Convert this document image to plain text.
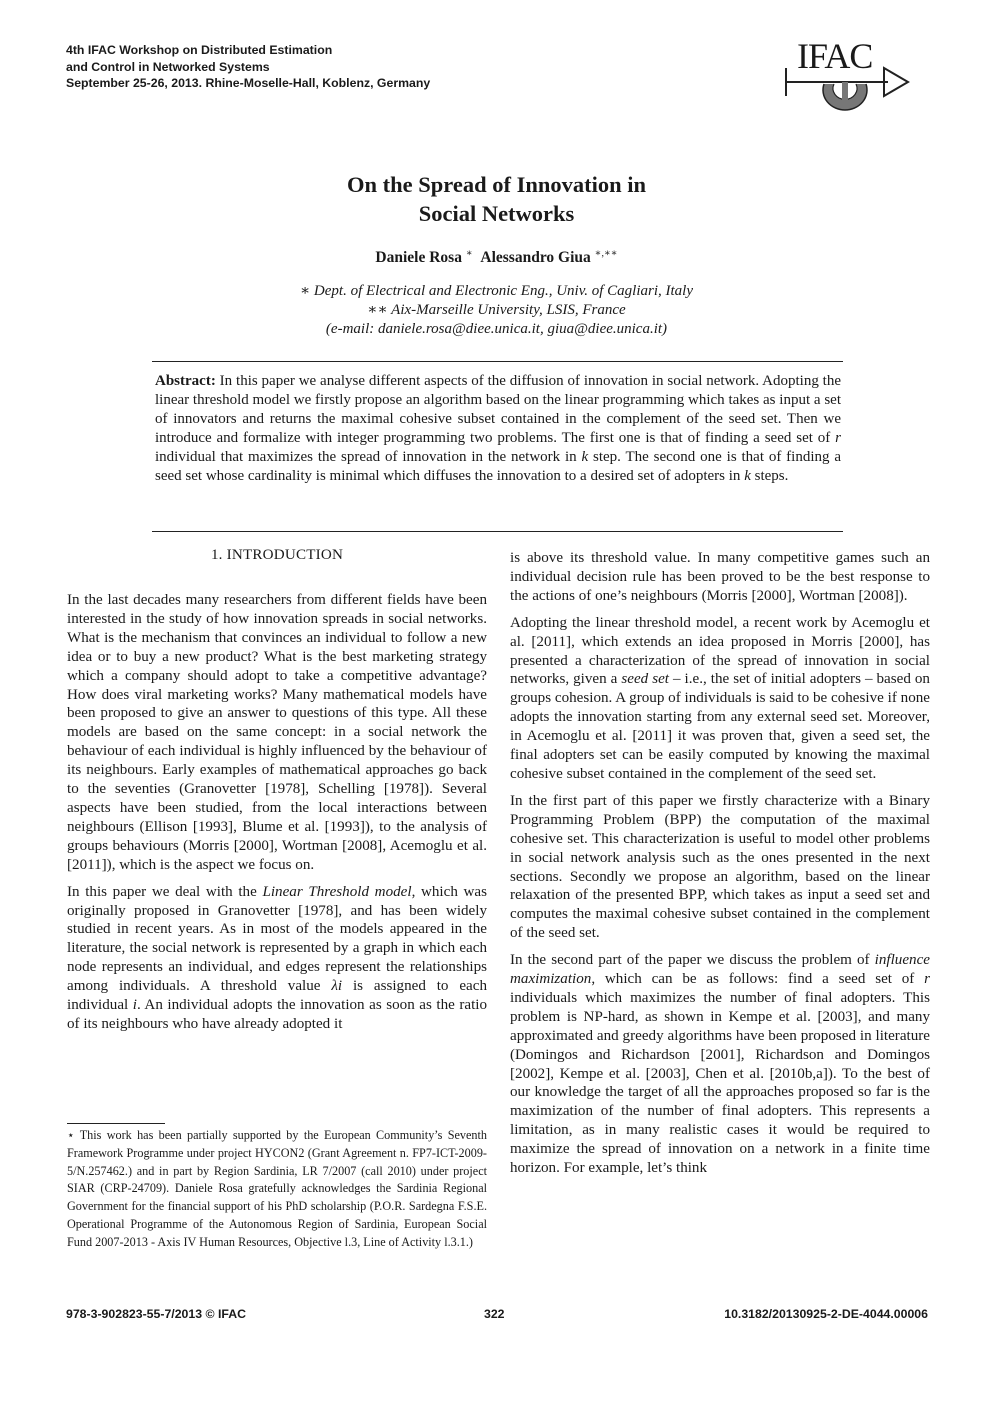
4th IFAC Workshop on Distributed Estimation
and Control in Networked Systems
September 25-26, 2013. Rhine-Moselle-Hall, Koblenz, Germany
IFAC
On the Spread of Innovation in
Social Networks
Daniele Rosa ∗ Alessandro Giua ∗,∗∗
∗ Dept. of Electrical and Electronic Eng., Univ. of Cagliari, Italy
∗∗ Aix-Marseille University, LSIS, France
(e-mail: daniele.rosa@diee.unica.it, giua@diee.unica.it)
Abstract: In this paper we analyse different aspects of the diffusion of innovation in social network. Adopting the linear threshold model we firstly propose an algorithm based on the linear programming which takes as input a set of innovators and returns the maximal cohesive subset contained in the complement of the seed set. Then we introduce and formalize with integer programming two problems. The first one is that of finding a seed set of r individual that maximizes the spread of innovation in the network in k step. The second one is that of finding a seed set whose cardinality is minimal which diffuses the innovation to a desired set of adopters in k steps.
1. INTRODUCTION

In the last decades many researchers from different fields have been interested in the study of how innovation spreads in social networks. What is the mechanism that convinces an individual to follow a new idea or to buy a new product? What is the best marketing strategy which a company should adopt to take a competitive advantage? How does viral marketing works? Many mathematical models have been proposed to give an answer to questions of this type. All these models are based on the same concept: in a social network the behaviour of each individual is highly influenced by the behaviour of its neighbours. Early examples of mathematical approaches go back to the seventies (Granovetter [1978], Schelling [1978]). Several aspects have been studied, from the local interactions between neighbours (Ellison [1993], Blume et al. [1993]), to the analysis of groups behaviours (Morris [2000], Wortman [2008], Acemoglu et al. [2011]), which is the aspect we focus on.

In this paper we deal with the Linear Threshold model, which was originally proposed in Granovetter [1978], and has been widely studied in recent years. As in most of the models appeared in the literature, the social network is represented by a graph in which each node represents an individual, and edges represent the relationships among individuals. A threshold value λi is assigned to each individual i. An individual adopts the innovation as soon as the ratio of its neighbours who have already adopted it

⋆ This work has been partially supported by the European Community’s Seventh Framework Programme under project HYCON2 (Grant Agreement n. FP7-ICT-2009-5/N.257462.) and in part by Region Sardinia, LR 7/2007 (call 2010) under project SIAR (CRP-24709). Daniele Rosa gratefully acknowledges the Sardinia Regional Government for the financial support of his PhD scholarship (P.O.R. Sardegna F.S.E. Operational Programme of the Autonomous Region of Sardinia, European Social Fund 2007-2013 - Axis IV Human Resources, Objective l.3, Line of Activity l.3.1.)

is above its threshold value. In many competitive games such an individual decision rule has been proved to be the best response to the actions of one’s neighbours (Morris [2000], Wortman [2008]).

Adopting the linear threshold model, a recent work by Acemoglu et al. [2011], which extends an idea proposed in Morris [2000], has presented a characterization of the spread of innovation in social networks, given a seed set – i.e., the set of initial adopters – based on groups cohesion. A group of individuals is said to be cohesive if none adopts the innovation starting from any external seed set. Moreover, in Acemoglu et al. [2011] it was proven that, given a seed set, the final adopters set can be easily computed by knowing the maximal cohesive subset contained in the complement of the seed set.

In the first part of this paper we firstly characterize with a Binary Programming Problem (BPP) the computation of the maximal cohesive set. This characterization is useful to model other problems in social network analysis such as the ones presented in the next sections. Secondly we propose an algorithm, based on the linear relaxation of the presented BPP, which takes as input a seed set and computes the maximal cohesive subset contained in the complement of the seed set.

In the second part of the paper we discuss the problem of influence maximization, which can be as follows: find a seed set of r individuals which maximizes the number of final adopters. This problem is NP-hard, as shown in Kempe et al. [2003], and many approximated and greedy algorithms have been proposed in literature (Domingos and Richardson [2001], Richardson and Domingos [2002], Kempe et al. [2003], Chen et al. [2010b,a]). To the best of our knowledge the target of all the approaches proposed so far is the maximization of the number of final adopters. This represents a limitation, as in many realistic cases it would be required to maximize the spread of innovation on a network in a finite time horizon. For example, let’s think

978-3-902823-55-7/2013 © IFAC	322	10.3182/20130925-2-DE-4044.00006
